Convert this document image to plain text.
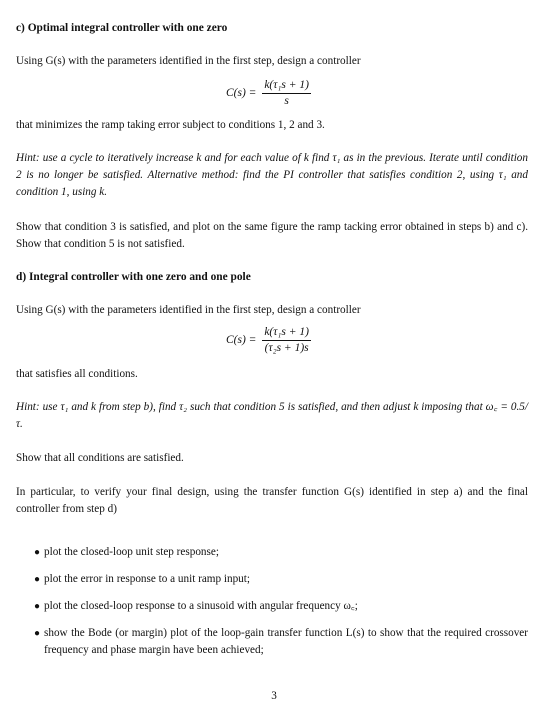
c) Optimal integral controller with one zero

Using G(s) with the parameters identified in the first step, design a controller

$C(s) = \frac{\text{k(τ₁s + 1)}}{s}$

that minimizes the ramp taking error subject to conditions 1, 2 and 3.

Hint: use a cycle to iteratively increase k and for each value of k find τ₁ as in the previous. Iterate until condition 2 is no longer be satisfied. Alternative method: find the PI controller that satisfies condition 2, using τ₁ and condition 1, using k.

Show that condition 3 is satisfied, and plot on the same figure the ramp tacking error obtained in steps b) and c). Show that condition 5 is not satisfied.

d) Integral controller with one zero and one pole

Using G(s) with the parameters identified in the first step, design a controller

$C(s) = \frac{\text{k(τ₁s + 1)}}{\text{(τ₂s + 1)s}}$

that satisfies all conditions.

Hint: use τ₁ and k from step b), find τ₂ such that condition 5 is satisfied, and then adjust k imposing that ω꜀ = 0.5/τ.

Show that all conditions are satisfied.

In particular, to verify your final design, using the transfer function G(s) identified in step a) and the final controller from step d)

● plot the closed-loop unit step response;
● plot the error in response to a unit ramp input;
● plot the closed-loop response to a sinusoid with angular frequency ω꜀;
● show the Bode (or margin) plot of the loop-gain transfer function L(s) to show that the required crossover frequency and phase margin have been achieved;
3
